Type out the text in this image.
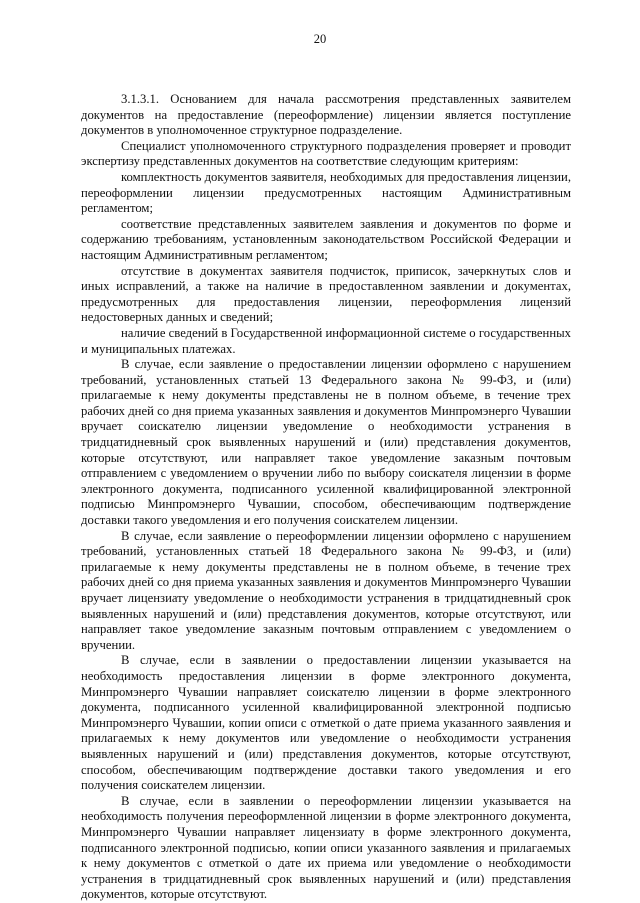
20

3.1.3.1. Основанием для начала рассмотрения представленных заявителем документов на предоставление (переоформление) лицензии является поступление документов в уполномоченное структурное подразделение.

Специалист уполномоченного структурного подразделения проверяет и проводит экспертизу представленных документов на соответствие следующим критериям:

комплектность документов заявителя, необходимых для предоставления лицензии, переоформлении лицензии предусмотренных настоящим Административным регламентом;

соответствие представленных заявителем заявления и документов по форме и содержанию требованиям, установленным законодательством Российской Федерации и настоящим Административным регламентом;

отсутствие в документах заявителя подчисток, приписок, зачеркнутых слов и иных исправлений, а также на наличие в предоставленном заявлении и документах, предусмотренных для предоставления лицензии, переоформления лицензий недостоверных данных и сведений;

наличие сведений в Государственной информационной системе о государственных и муниципальных платежах.

В случае, если заявление о предоставлении лицензии оформлено с нарушением требований, установленных статьей 13 Федерального закона № 99-ФЗ, и (или) прилагаемые к нему документы представлены не в полном объеме, в течение трех рабочих дней со дня приема указанных заявления и документов Минпромэнерго Чувашии вручает соискателю лицензии уведомление о необходимости устранения в тридцатидневный срок выявленных нарушений и (или) представления документов, которые отсутствуют, или направляет такое уведомление заказным почтовым отправлением с уведомлением о вручении либо по выбору соискателя лицензии в форме электронного документа, подписанного усиленной квалифицированной электронной подписью Минпромэнерго Чувашии, способом, обеспечивающим подтверждение доставки такого уведомления и его получения соискателем лицензии.

В случае, если заявление о переоформлении лицензии оформлено с нарушением требований, установленных статьей 18 Федерального закона № 99-ФЗ, и (или) прилагаемые к нему документы представлены не в полном объеме, в течение трех рабочих дней со дня приема указанных заявления и документов Минпромэнерго Чувашии вручает лицензиату уведомление о необходимости устранения в тридцатидневный срок выявленных нарушений и (или) представления документов, которые отсутствуют, или направляет такое уведомление заказным почтовым отправлением с уведомлением о вручении.

В случае, если в заявлении о предоставлении лицензии указывается на необходимость предоставления лицензии в форме электронного документа, Минпромэнерго Чувашии направляет соискателю лицензии в форме электронного документа, подписанного усиленной квалифицированной электронной подписью Минпромэнерго Чувашии, копии описи с отметкой о дате приема указанного заявления и прилагаемых к нему документов или уведомление о необходимости устранения выявленных нарушений и (или) представления документов, которые отсутствуют, способом, обеспечивающим подтверждение доставки такого уведомления и его получения соискателем лицензии.

В случае, если в заявлении о переоформлении лицензии указывается на необходимость получения переоформленной лицензии в форме электронного документа, Минпромэнерго Чувашии направляет лицензиату в форме электронного документа, подписанного электронной подписью, копии описи указанного заявления и прилагаемых к нему документов с отметкой о дате их приема или уведомление о необходимости устранения в тридцатидневный срок выявленных нарушений и (или) представления документов, которые отсутствуют.
